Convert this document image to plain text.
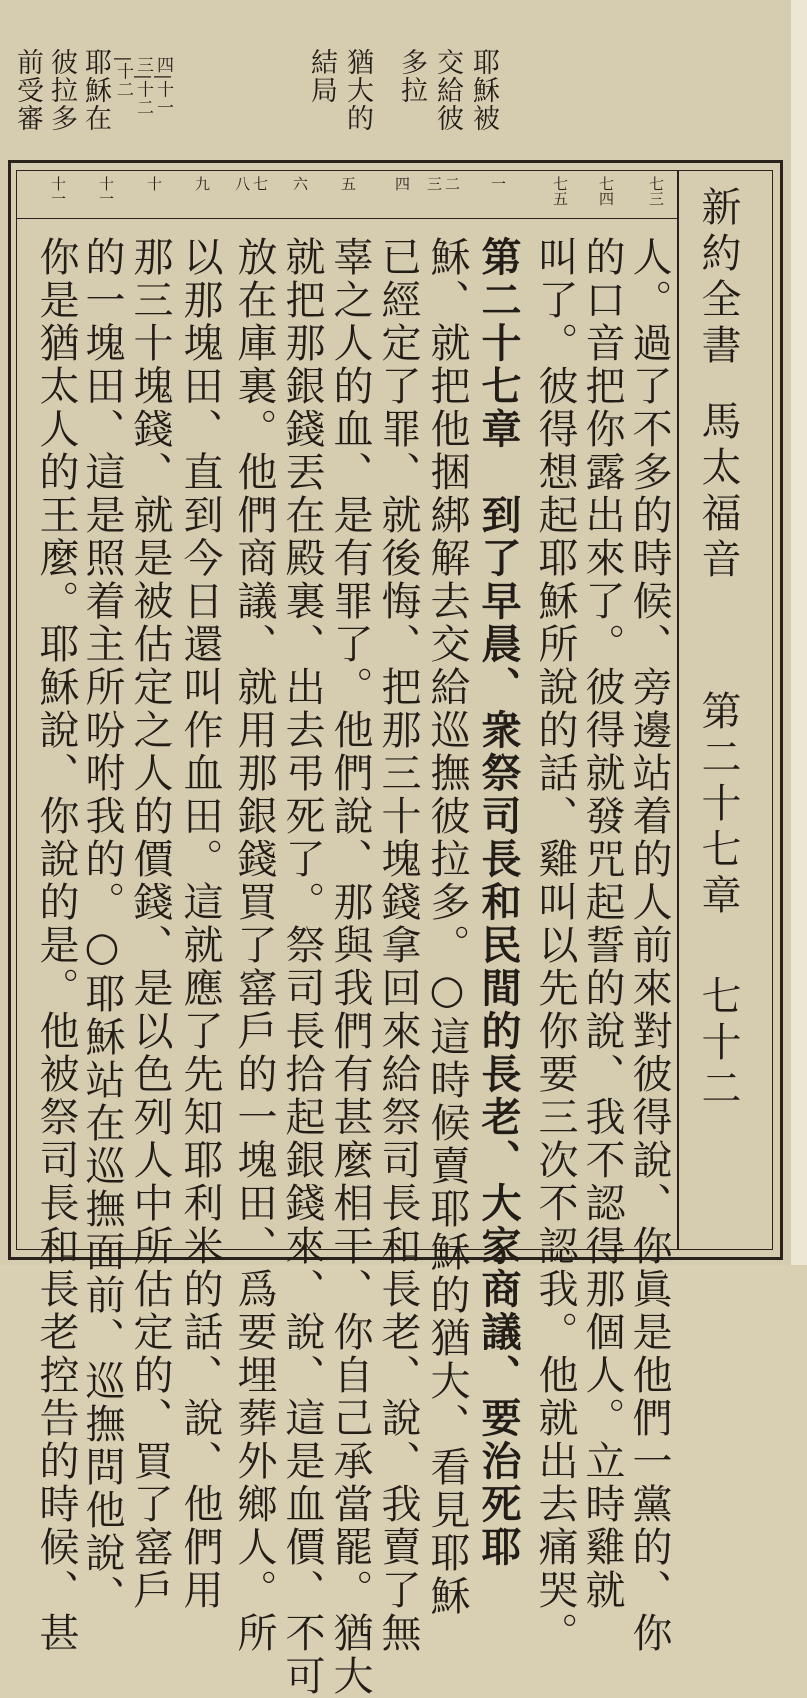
耶穌被
交給彼
多拉
猶大的
結局
四|十一
三|十二
|十二
耶穌在
彼拉多
前受審
七三
七四
七五
一
二
三
四
五
六
七
八
九
十
十一
十一
人。過了不多的時候、旁邊站着的人前來對彼得說、你眞是他們一黨的、你
的口音把你露出來了。彼得就發咒起誓的說、我不認得那個人。立時雞就
叫了。彼得想起耶穌所說的話、雞叫以先你要三次不認我。他就出去痛哭。
第二十七章　到了早晨、衆祭司長和民間的長老、大家商議、要治死耶
穌、就把他捆綁解去交給巡撫彼拉多。○這時候賣耶穌的猶大、看見耶穌
已經定了罪、就後悔、把那三十塊錢拿回來給祭司長和長老、說、我賣了無
辜之人的血、是有罪了。他們說、那與我們有甚麼相干、你自己承當罷。猶大
就把那銀錢丟在殿裏、出去弔死了。祭司長拾起銀錢來、說、這是血價、不可
放在庫裏。他們商議、就用那銀錢買了窰戶的一塊田、爲要埋葬外鄉人。所
以那塊田、直到今日還叫作血田。這就應了先知耶利米的話、說、他們用
那三十塊錢、就是被估定之人的價錢、是以色列人中所估定的、買了窰戶
的一塊田、這是照着主所吩咐我的。○耶穌站在巡撫面前、巡撫問他說、
你是猶太人的王麼。耶穌說、你說的是。他被祭司長和長老控告的時候、甚	新約全書
馬太福音
第二十七章
七十二
